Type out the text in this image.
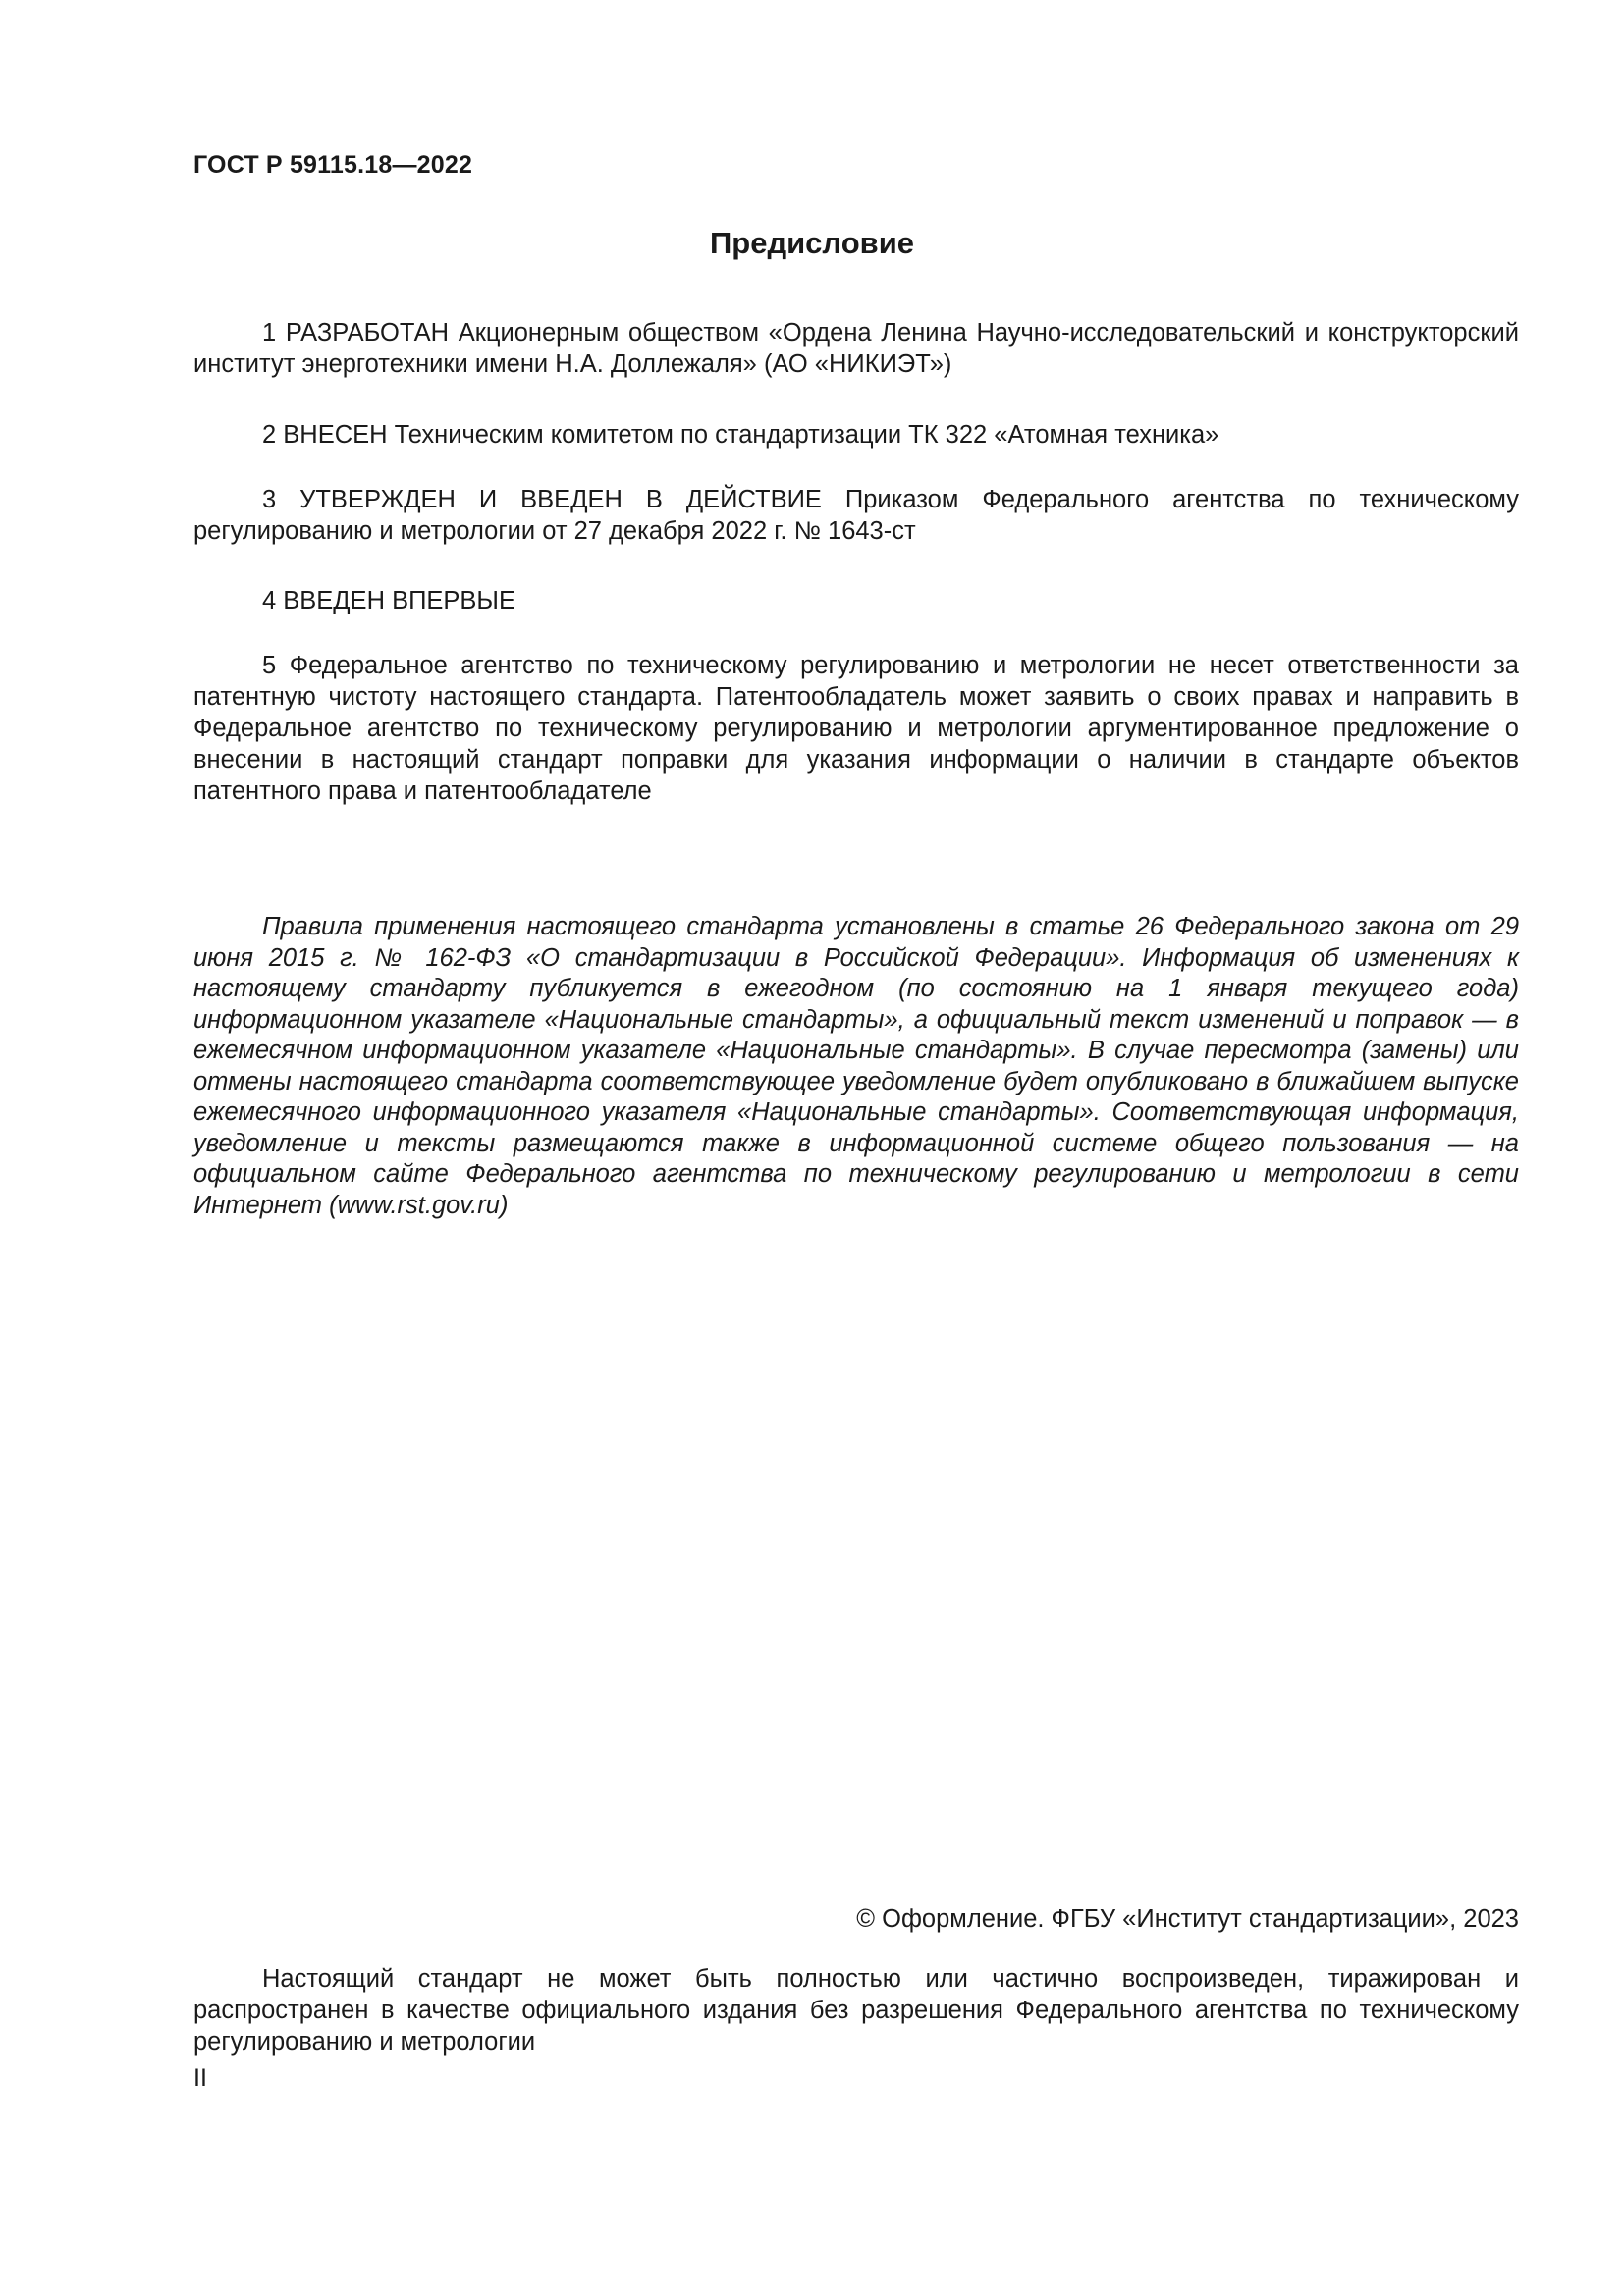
ГОСТ Р 59115.18—2022
Предисловие

1 РАЗРАБОТАН Акционерным обществом «Ордена Ленина Научно-исследовательский и конструкторский институт энерготехники имени Н.А. Доллежаля» (АО «НИКИЭТ»)

2 ВНЕСЕН Техническим комитетом по стандартизации ТК 322 «Атомная техника»

3 УТВЕРЖДЕН И ВВЕДЕН В ДЕЙСТВИЕ Приказом Федерального агентства по техническому регулированию и метрологии от 27 декабря 2022 г. № 1643-ст

4 ВВЕДЕН ВПЕРВЫЕ

5 Федеральное агентство по техническому регулированию и метрологии не несет ответственности за патентную чистоту настоящего стандарта. Патентообладатель может заявить о своих правах и направить в Федеральное агентство по техническому регулированию и метрологии аргументированное предложение о внесении в настоящий стандарт поправки для указания информации о наличии в стандарте объектов патентного права и патентообладателе

Правила применения настоящего стандарта установлены в статье 26 Федерального закона от 29 июня 2015 г. № 162-ФЗ «О стандартизации в Российской Федерации». Информация об изменениях к настоящему стандарту публикуется в ежегодном (по состоянию на 1 января текущего года) информационном указателе «Национальные стандарты», а официальный текст изменений и поправок — в ежемесячном информационном указателе «Национальные стандарты». В случае пересмотра (замены) или отмены настоящего стандарта соответствующее уведомление будет опубликовано в ближайшем выпуске ежемесячного информационного указателя «Национальные стандарты». Соответствующая информация, уведомление и тексты размещаются также в информационной системе общего пользования — на официальном сайте Федерального агентства по техническому регулированию и метрологии в сети Интернет (www.rst.gov.ru)

© Оформление. ФГБУ «Институт стандартизации», 2023

Настоящий стандарт не может быть полностью или частично воспроизведен, тиражирован и распространен в качестве официального издания без разрешения Федерального агентства по техническому регулированию и метрологии

II
